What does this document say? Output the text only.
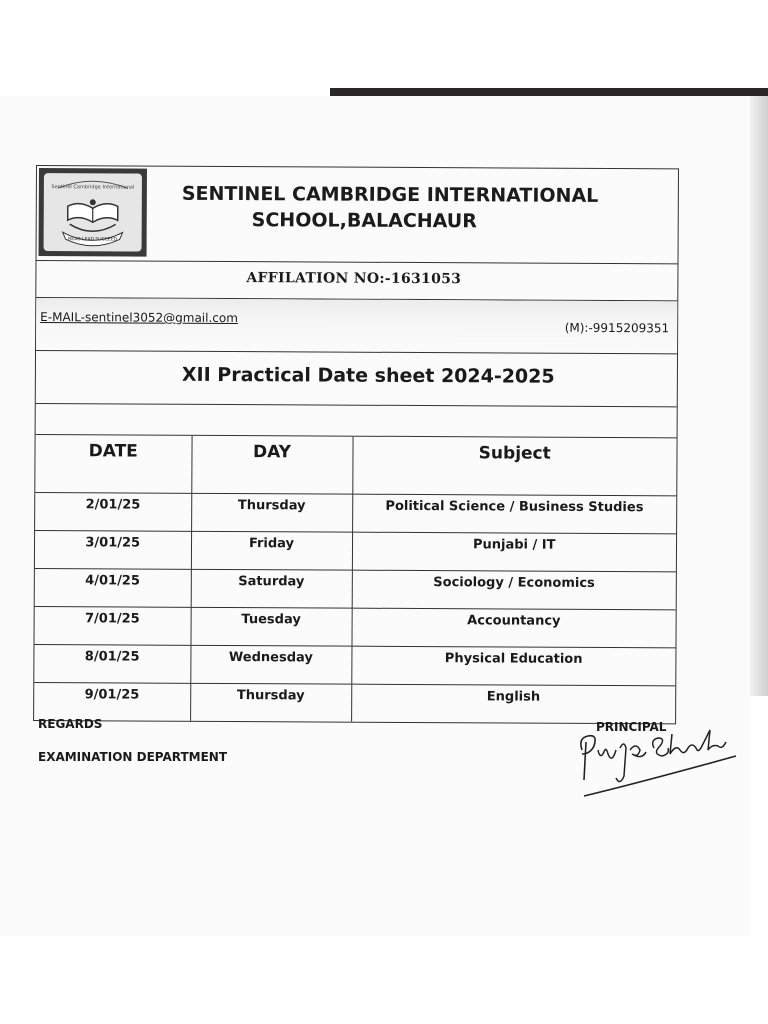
Sentinel Cambridge International
READ LEAD SUCCEED
SENTINEL CAMBRIDGE INTERNATIONAL
SCHOOL,BALACHAUR
AFFILATION NO:-1631053
E-MAIL-sentinel3052@gmail.com
(M):-9915209351
XII Practical Date sheet 2024-2025
DATE	DAY	Subject
2/01/25	Thursday	Political Science / Business Studies
3/01/25	Friday	Punjabi / IT
4/01/25	Saturday	Sociology / Economics
7/01/25	Tuesday	Accountancy
8/01/25	Wednesday	Physical Education
9/01/25	Thursday	English
REGARDS
EXAMINATION DEPARTMENT
PRINCIPAL
